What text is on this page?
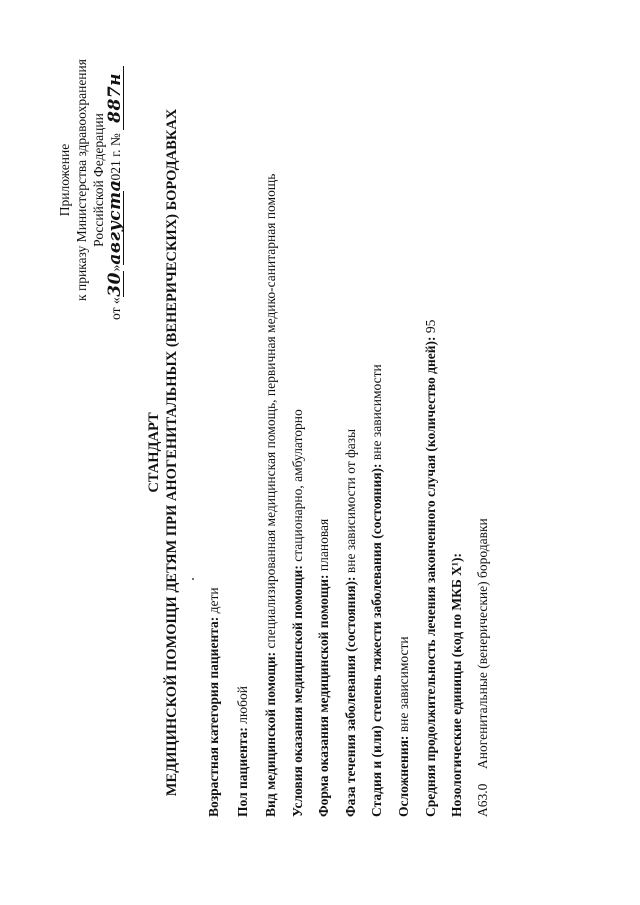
Приложение к приказу Министерства здравоохранения Российской Федерации
от «30»августа 2021 г. № 887н
СТАНДАРТ МЕДИЦИНСКОЙ ПОМОЩИ ДЕТЯМ ПРИ АНОГЕНИТАЛЬНЫХ (ВЕНЕРИЧЕСКИХ) БОРОДАВКАХ Возрастная категория пациента: дети
Пол пациента: любой Вид медицинской помощи: специализированная медицинская помощь, первичная медико-санитарная помощь
Условия оказания медицинской помощи: стационарно, амбулаторно
Форма оказания медицинской помощи: плановая
Фаза течения заболевания (состояния): вне зависимости от фазы Стадия и (или) степень тяжести заболевания (состояния): вне зависимости
Осложнения: вне зависимости Средняя продолжительность лечения законченного случая (количество дней): 95
Нозологические единицы (код по МКБ X¹): A63.0
Аногенитальные (венерические) бородавки
